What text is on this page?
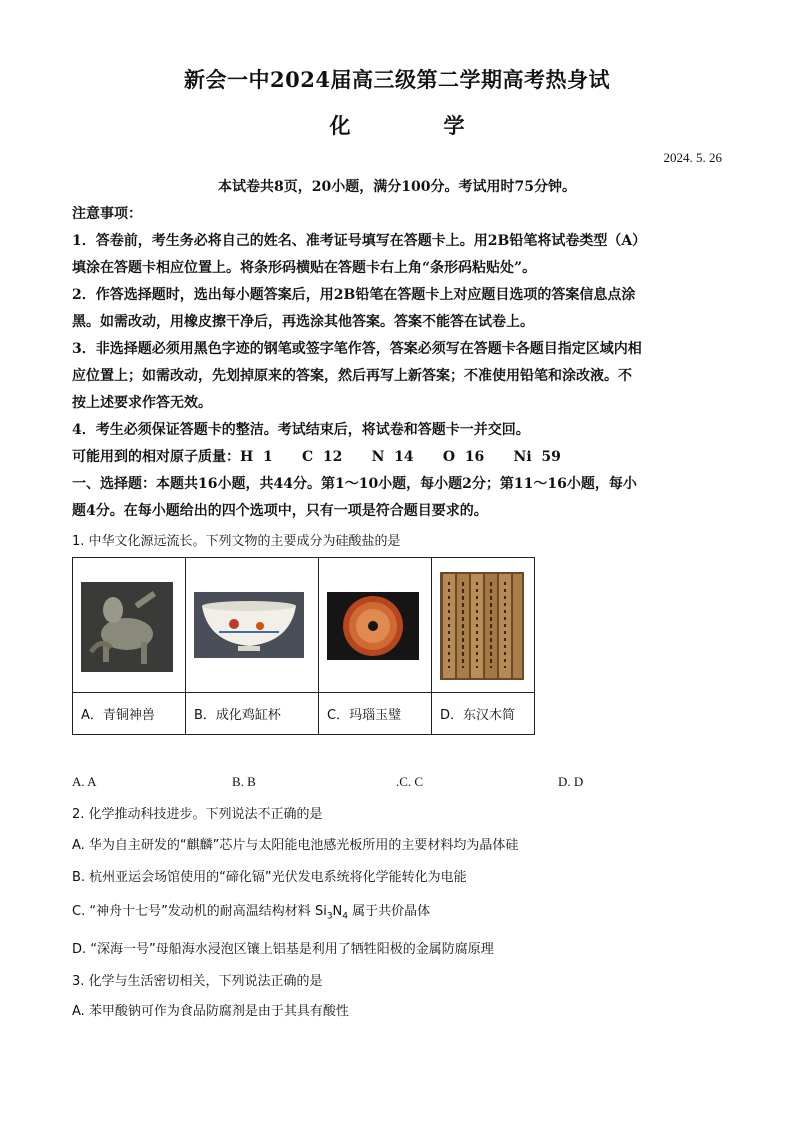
新会一中2024届高三级第二学期高考热身试
化	学
2024. 5. 26
本试卷共8页，20小题，满分100分。考试用时75分钟。
注意事项：
1．答卷前，考生务必将自己的姓名、准考证号填写在答题卡上。用2B铅笔将试卷类型（A）
填涂在答题卡相应位置上。将条形码横贴在答题卡右上角“条形码粘贴处”。
2．作答选择题时，选出每小题答案后，用2B铅笔在答题卡上对应题目选项的答案信息点涂
黑。如需改动，用橡皮擦干净后，再选涂其他答案。答案不能答在试卷上。
3．非选择题必须用黑色字迹的钢笔或签字笔作答，答案必须写在答题卡各题目指定区域内相
应位置上；如需改动，先划掉原来的答案，然后再写上新答案；不准使用铅笔和涂改液。不
按上述要求作答无效。
4．考生必须保证答题卡的整洁。考试结束后，将试卷和答题卡一并交回。
可能用到的相对原子质量：H  1      C  12      N  14      O  16      Ni  59
一、选择题：本题共16小题，共44分。第1～10小题，每小题2分；第11～16小题，每小
题4分。在每小题给出的四个选项中，只有一项是符合题目要求的。
1. 中华文化源远流长。下列文物的主要成分为硅酸盐的是

A．青铜神兽	B．成化鸡缸杯	C．玛瑙玉璧	D．东汉木简
A. A	B. B	.C. C	D. D
2. 化学推动科技进步。下列说法不正确的是
A. 华为自主研发的“麒麟”芯片与太阳能电池感光板所用的主要材料均为晶体硅
B. 杭州亚运会场馆使用的“碲化镉”光伏发电系统将化学能转化为电能
C. “神舟十七号”发动机的耐高温结构材料 $Si_3N_4$ 属于共价晶体
D. “深海一号”母船海水浸泡区镶上铝基是利用了牺牲阳极的金属防腐原理
3. 化学与生活密切相关，下列说法正确的是
A. 苯甲酸钠可作为食品防腐剂是由于其具有酸性
